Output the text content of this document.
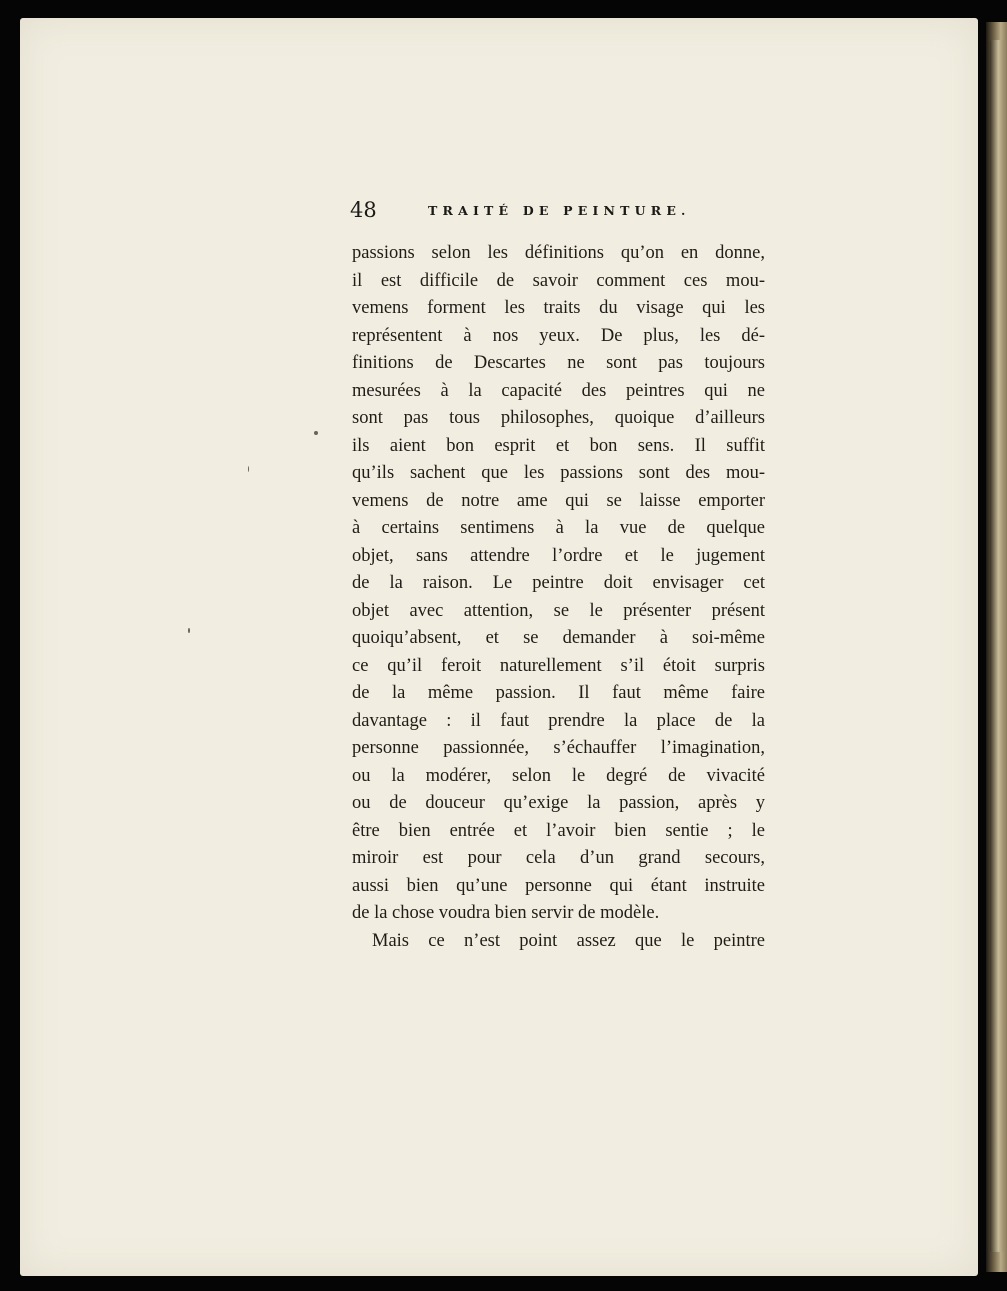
48	TRAITÉ DE PEINTURE.
passions selon les définitions qu’on en donne,
il est difficile de savoir comment ces mou-
vemens forment les traits du visage qui les
représentent à nos yeux. De plus, les dé-
finitions de Descartes ne sont pas toujours
mesurées à la capacité des peintres qui ne
sont pas tous philosophes, quoique d’ailleurs
ils aient bon esprit et bon sens. Il suffit
qu’ils sachent que les passions sont des mou-
vemens de notre ame qui se laisse emporter
à certains sentimens à la vue de quelque
objet, sans attendre l’ordre et le jugement
de la raison. Le peintre doit envisager cet
objet avec attention, se le présenter présent
quoiqu’absent, et se demander à soi-même
ce qu’il feroit naturellement s’il étoit surpris
de la même passion. Il faut même faire
davantage : il faut prendre la place de la
personne passionnée, s’échauffer l’imagination,
ou la modérer, selon le degré de vivacité
ou de douceur qu’exige la passion, après y
être bien entrée et l’avoir bien sentie ; le
miroir est pour cela d’un grand secours,
aussi bien qu’une personne qui étant instruite
de la chose voudra bien servir de modèle.
Mais ce n’est point assez que le peintre
